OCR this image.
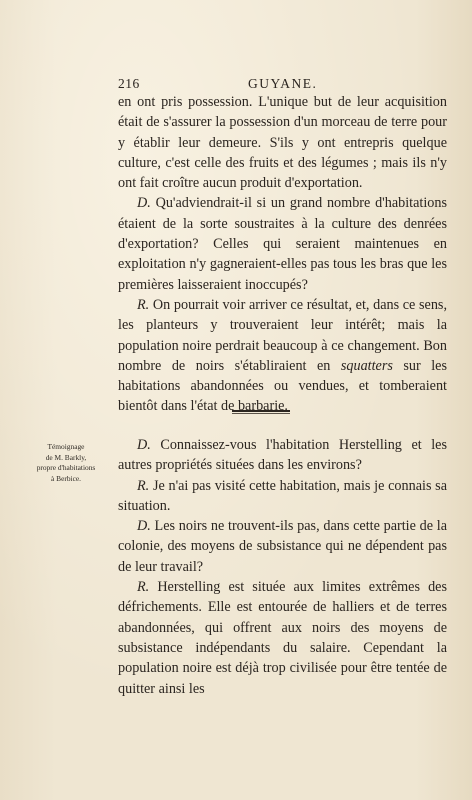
216	GUYANE.

en ont pris possession. L'unique but de leur acquisition était de s'assurer la possession d'un morceau de terre pour y établir leur demeure. S'ils y ont entrepris quelque culture, c'est celle des fruits et des légumes ; mais ils n'y ont fait croître aucun produit d'exportation.

D. Qu'adviendrait-il si un grand nombre d'habitations étaient de la sorte soustraites à la culture des denrées d'exportation? Celles qui seraient maintenues en exploitation n'y gagneraient-elles pas tous les bras que les premières laisseraient inoccupés?

R. On pourrait voir arriver ce résultat, et, dans ce sens, les planteurs y trouveraient leur intérêt; mais la population noire perdrait beaucoup à ce changement. Bon nombre de noirs s'établiraient en squatters sur les habitations abandonnées ou vendues, et tomberaient bientôt dans l'état de barbarie.

Témoignage
de M. Barkly,
propre d'habitations
à Berbice.

D. Connaissez-vous l'habitation Herstelling et les autres propriétés situées dans les environs?

R. Je n'ai pas visité cette habitation, mais je connais sa situation.

D. Les noirs ne trouvent-ils pas, dans cette partie de la colonie, des moyens de subsistance qui ne dépendent pas de leur travail?

R. Herstelling est située aux limites extrêmes des défrichements. Elle est entourée de halliers et de terres abandonnées, qui offrent aux noirs des moyens de subsistance indépendants du salaire. Cependant la population noire est déjà trop civilisée pour être tentée de quitter ainsi les
